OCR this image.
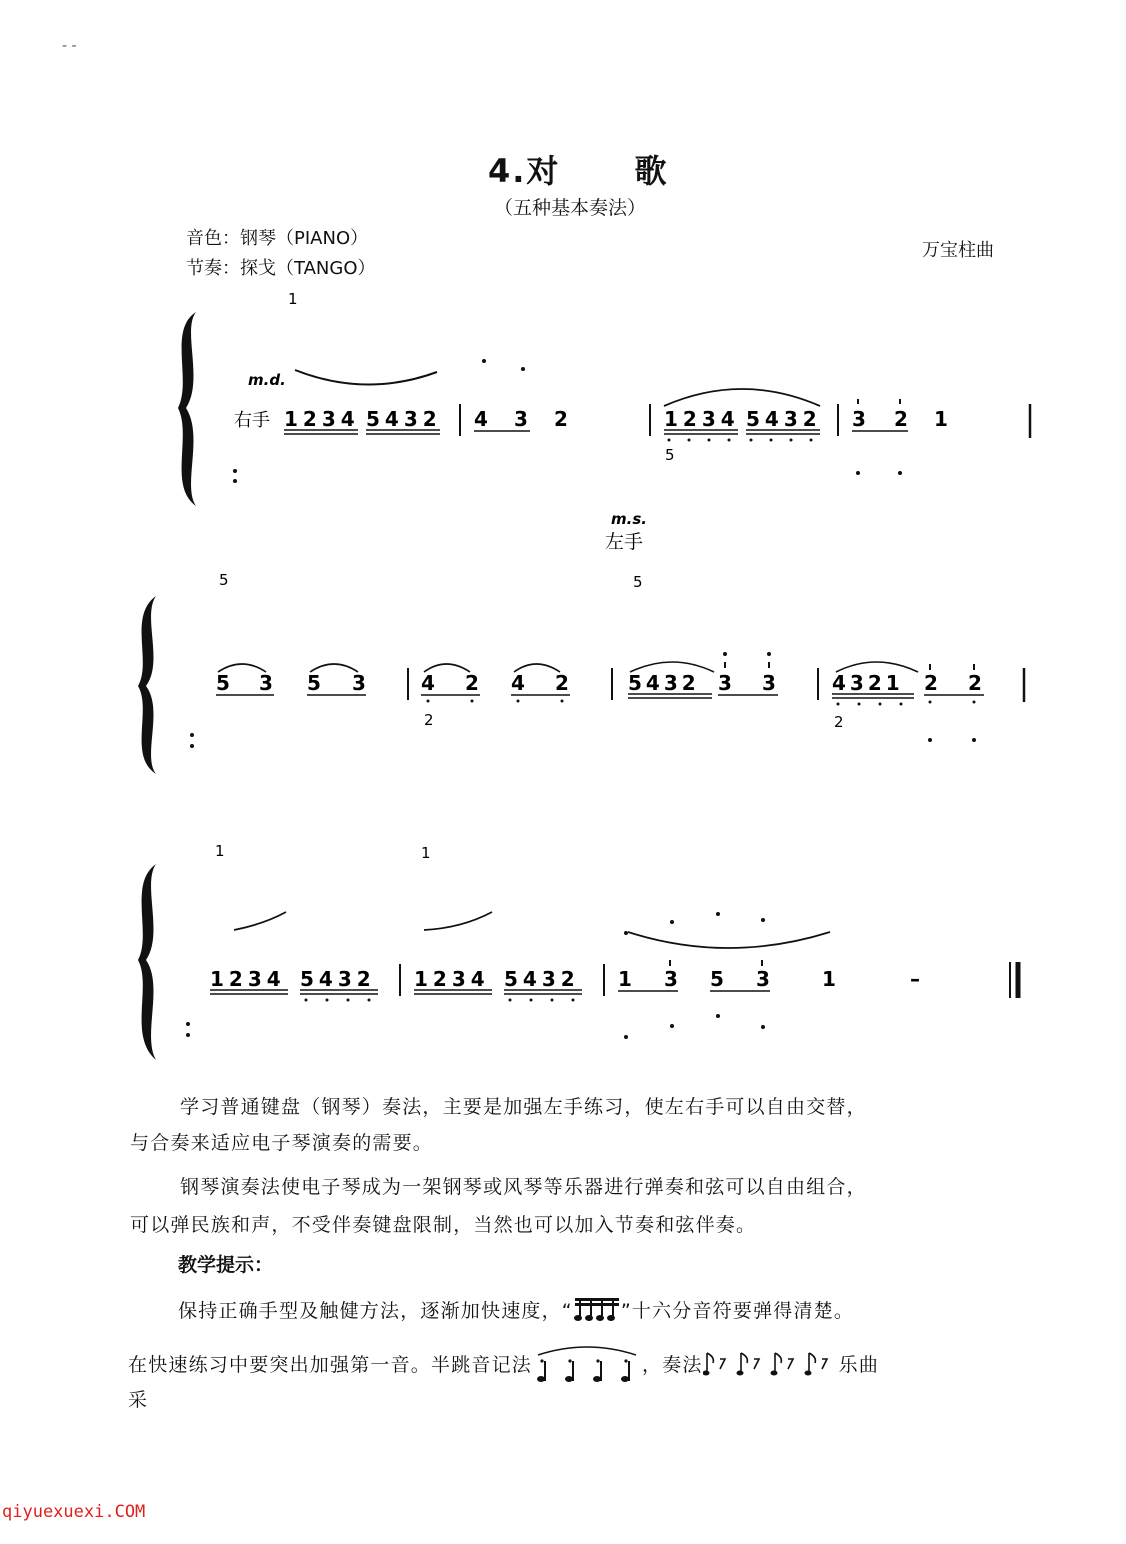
- -
4.对 歌
（五种基本奏法）
音色：钢琴（PIANO）
节奏：探戈（TANGO）
万宝柱曲
1
m.d.
右手 1234 5432 4 3 2	1234 5432
5
3 2 1
m.s.
左手
5	5
5 3 5 3	4 2 4 2
2
5432 3 3	4321 2 2
2
1	1
1234 5432 1234 5432 1 3 5 3	1	–
学习普通键盘（钢琴）奏法，主要是加强左手练习，使左右手可以自由交替，
与合奏来适应电子琴演奏的需要。
钢琴演奏法使电子琴成为一架钢琴或风琴等乐器进行弹奏和弦可以自由组合，
可以弹民族和声，不受伴奏键盘限制，当然也可以加入节奏和弦伴奏。
教学提示：
保持正确手型及触健方法，逐渐加快速度，“	”十六分音符要弹得清楚。
在快速练习中要突出加强第一音。半跳音记法	，奏法	乐曲
采
qiyuexuexi.COM
